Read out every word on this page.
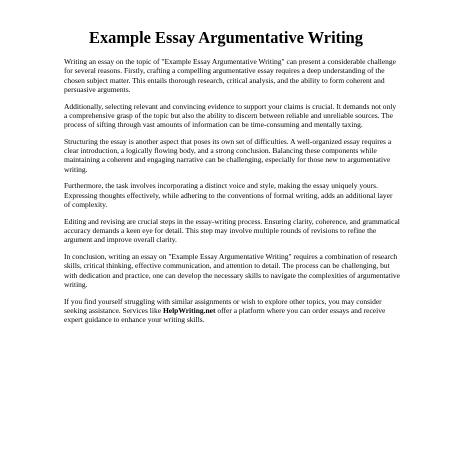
Example Essay Argumentative Writing

Writing an essay on the topic of "Example Essay Argumentative Writing" can present a considerable challenge for several reasons. Firstly, crafting a compelling argumentative essay requires a deep understanding of the chosen subject matter. This entails thorough research, critical analysis, and the ability to form coherent and persuasive arguments.

Additionally, selecting relevant and convincing evidence to support your claims is crucial. It demands not only a comprehensive grasp of the topic but also the ability to discern between reliable and unreliable sources. The process of sifting through vast amounts of information can be time-consuming and mentally taxing.

Structuring the essay is another aspect that poses its own set of difficulties. A well-organized essay requires a clear introduction, a logically flowing body, and a strong conclusion. Balancing these components while maintaining a coherent and engaging narrative can be challenging, especially for those new to argumentative writing.

Furthermore, the task involves incorporating a distinct voice and style, making the essay uniquely yours. Expressing thoughts effectively, while adhering to the conventions of formal writing, adds an additional layer of complexity.

Editing and revising are crucial steps in the essay-writing process. Ensuring clarity, coherence, and grammatical accuracy demands a keen eye for detail. This step may involve multiple rounds of revisions to refine the argument and improve overall clarity.

In conclusion, writing an essay on "Example Essay Argumentative Writing" requires a combination of research skills, critical thinking, effective communication, and attention to detail. The process can be challenging, but with dedication and practice, one can develop the necessary skills to navigate the complexities of argumentative writing.

If you find yourself struggling with similar assignments or wish to explore other topics, you may consider seeking assistance. Services like HelpWriting.net offer a platform where you can order essays and receive expert guidance to enhance your writing skills.
